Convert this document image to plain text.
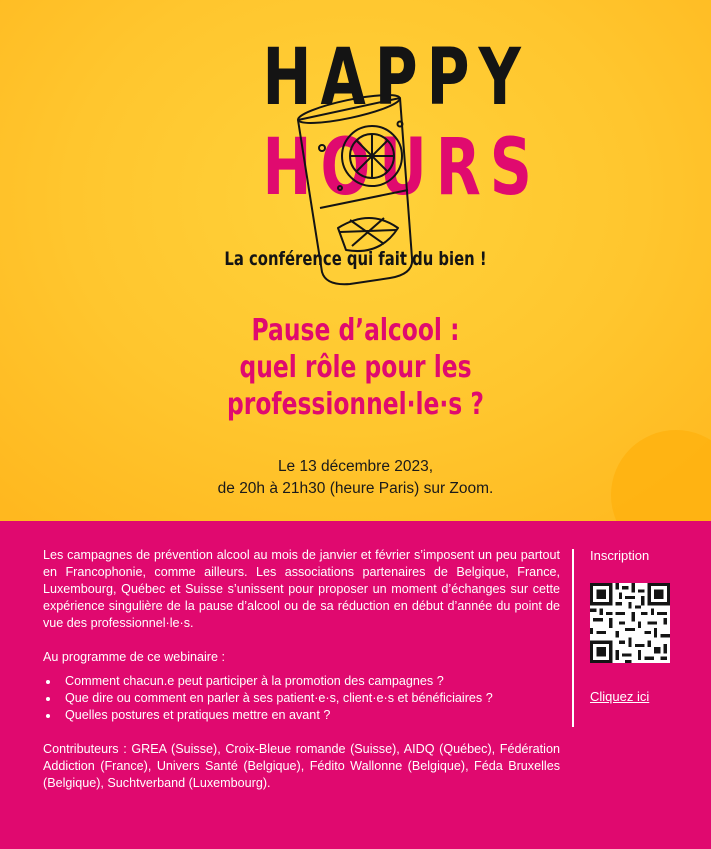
HAPPY
HOURS
La conférence qui fait du bien !
Pause d’alcool :
quel rôle pour les
professionnel·le·s ?
Le 13 décembre 2023,
de 20h à 21h30 (heure Paris) sur Zoom.

Les campagnes de prévention alcool au mois de janvier et février s’imposent un peu partout en Francophonie, comme ailleurs. Les associations partenaires de Belgique, France, Luxembourg, Québec et Suisse s’unissent pour proposer un moment d’échanges sur cette expérience singulière de la pause d’alcool ou de sa réduction en début d’année du point de vue des professionnel·le·s.

Au programme de ce webinaire :

Comment chacun.e peut participer à la promotion des campagnes ?
Que dire ou comment en parler à ses patient·e·s, client·e·s et bénéficiaires ?
Quelles postures et pratiques mettre en avant ?

Contributeurs : GREA (Suisse), Croix-Bleue romande (Suisse), AIDQ (Québec), Fédération Addiction (France), Univers Santé (Belgique), Fédito Wallonne (Belgique), Féda Bruxelles (Belgique), Suchtverband (Luxembourg).

Inscription
Cliquez ici
